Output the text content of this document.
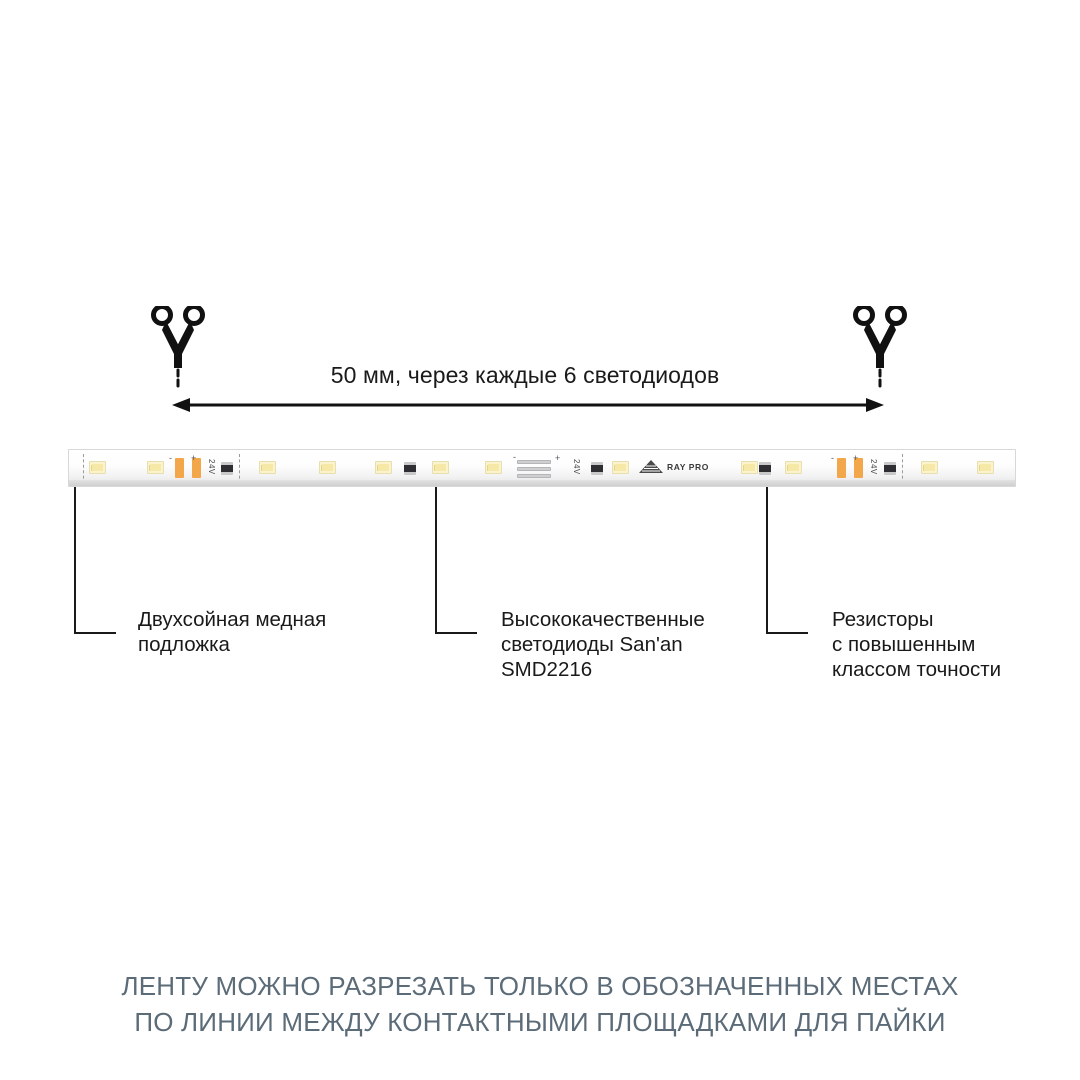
50 мм, через каждые 6 светодиодов
- +
24V
-	+
24V	RAY PRO
- +
24V
Двухсойная медная
подложка
Высококачественные
светодиоды San'an
SMD2216
Резисторы
с повышенным
классом точности
ЛЕНТУ МОЖНО РАЗРЕЗАТЬ ТОЛЬКО В ОБОЗНАЧЕННЫХ МЕСТАХ
ПО ЛИНИИ МЕЖДУ КОНТАКТНЫМИ ПЛОЩАДКАМИ ДЛЯ ПАЙКИ
